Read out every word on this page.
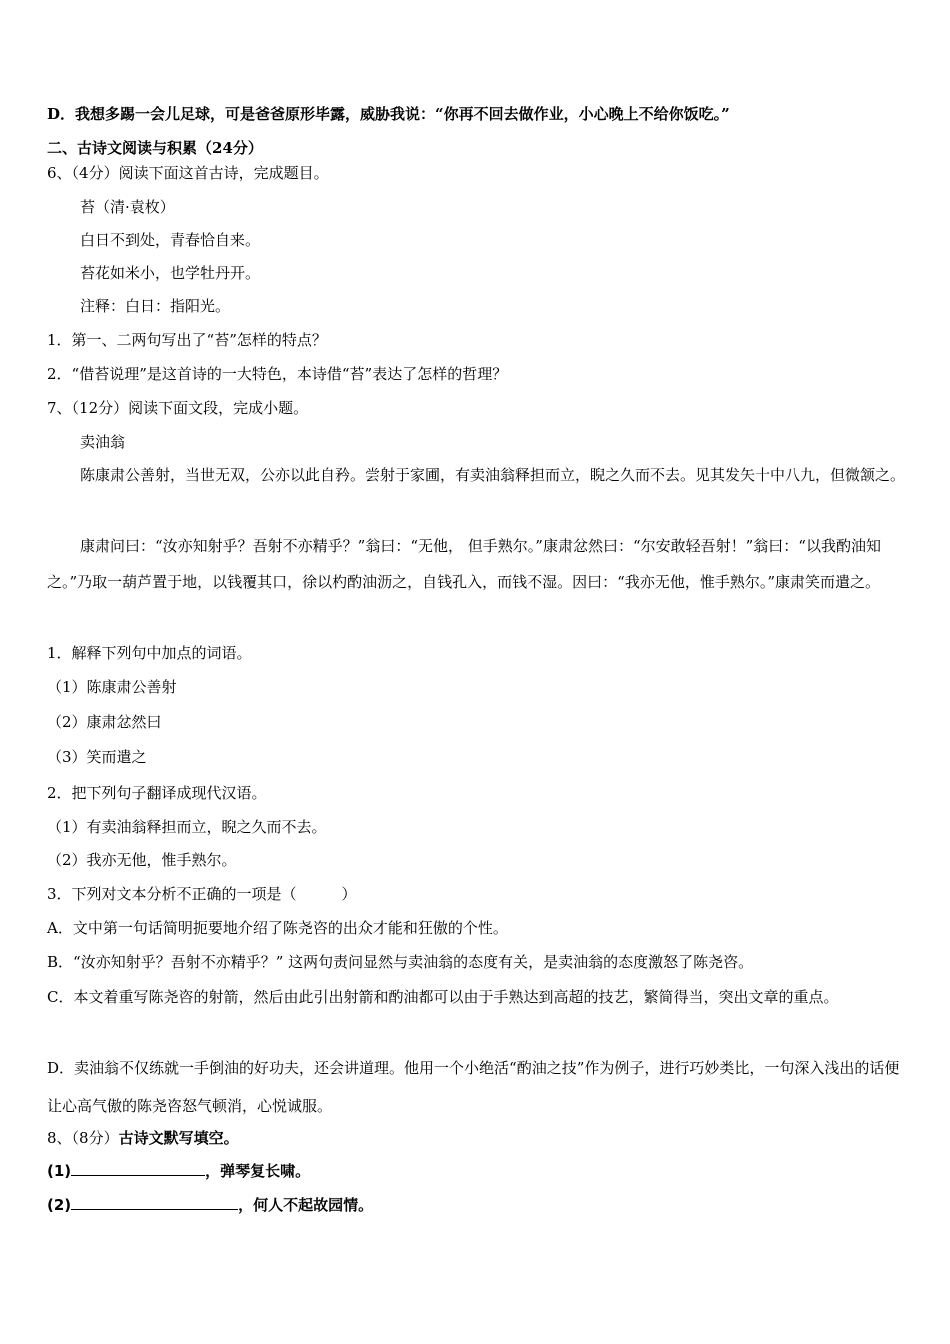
D．我想多踢一会儿足球，可是爸爸原形毕露，威胁我说：“你再不回去做作业，小心晚上不给你饭吃。”
二、古诗文阅读与积累（24分）
6、（4分）阅读下面这首古诗，完成题目。
苔（清·袁枚）
白日不到处，青春恰自来。
苔花如米小，也学牡丹开。
注释：白日：指阳光。
1．第一、二两句写出了“苔”怎样的特点？
2．“借苔说理”是这首诗的一大特色，本诗借“苔”表达了怎样的哲理？
7、（12分）阅读下面文段，完成小题。
卖油翁
陈康肃公善射，当世无双，公亦以此自矜。尝射于家圃，有卖油翁释担而立，睨之久而不去。见其发矢十中八九，但微颔之。
康肃问曰：“汝亦知射乎？吾射不亦精乎？”翁曰：“无他， 但手熟尔。”康肃忿然曰：“尔安敢轻吾射！”翁曰：“以我酌油知之。”乃取一葫芦置于地，以钱覆其口，徐以杓酌油沥之，自钱孔入，而钱不湿。因曰：“我亦无他，惟手熟尔。”康肃笑而遣之。
1．解释下列句中加点的词语。
（1）陈康肃公善射
（2）康肃忿然曰
（3）笑而遣之
2．把下列句子翻译成现代汉语。
（1）有卖油翁释担而立，睨之久而不去。
（2）我亦无他，惟手熟尔。
3．下列对文本分析不正确的一项是（　　　）
A．文中第一句话简明扼要地介绍了陈尧咨的出众才能和狂傲的个性。
B．“汝亦知射乎？吾射不亦精乎？” 这两句责问显然与卖油翁的态度有关，是卖油翁的态度激怒了陈尧咨。
C．本文着重写陈尧咨的射箭，然后由此引出射箭和酌油都可以由于手熟达到高超的技艺，繁简得当，突出文章的重点。
D．卖油翁不仅练就一手倒油的好功夫，还会讲道理。他用一个小绝活“酌油之技”作为例子，进行巧妙类比，一句深入浅出的话便让心高气傲的陈尧咨怒气顿消，心悦诚服。
8、（8分）古诗文默写填空。
(1)	，弹琴复长啸。
(2)	，何人不起故园情。
